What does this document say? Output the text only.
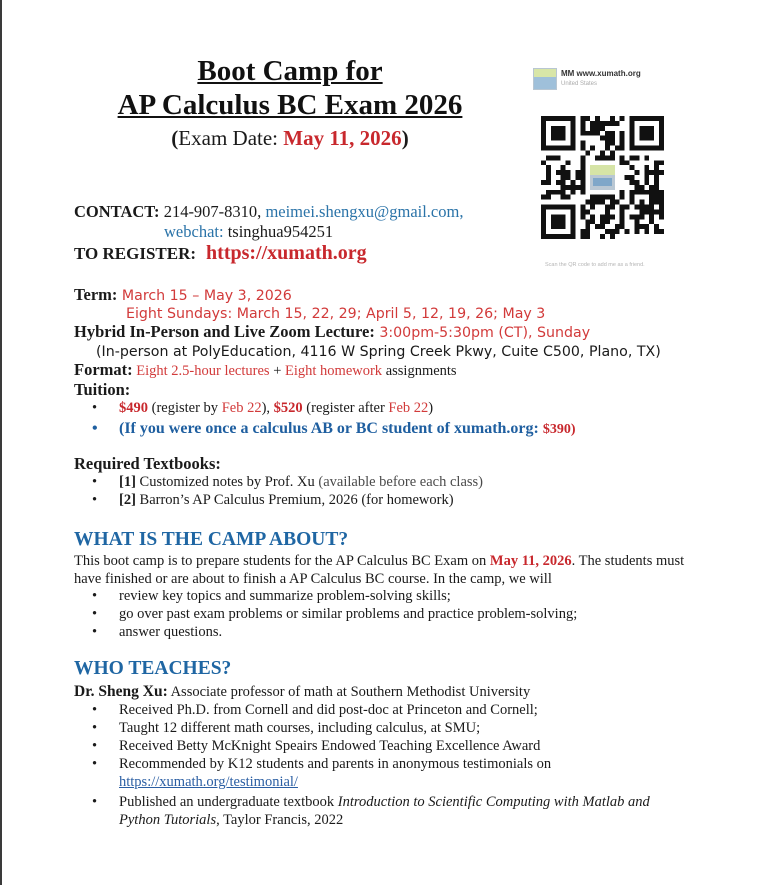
Boot Camp for
AP Calculus BC Exam 2026
(Exam Date: May 11, 2026)
MM www.xumath.org
United States
Scan the QR code to add me as a friend.
CONTACT: 214-907-8310, meimei.shengxu@gmail.com,
webchat: tsinghua954251
TO REGISTER: https://xumath.org
Term: March 15 – May 3, 2026
Eight Sundays: March 15, 22, 29; April 5, 12, 19, 26; May 3
Hybrid In-Person and Live Zoom Lecture: 3:00pm-5:30pm (CT), Sunday
(In-person at PolyEducation, 4116 W Spring Creek Pkwy, Cuite C500, Plano, TX)
Format: Eight 2.5-hour lectures + Eight homework assignments
Tuition:
• $490 (register by Feb 22), $520 (register after Feb 22)
• (If you were once a calculus AB or BC student of xumath.org: $390)
Required Textbooks:
• [1] Customized notes by Prof. Xu (available before each class)
• [2] Barron’s AP Calculus Premium, 2026 (for homework)
WHAT IS THE CAMP ABOUT?
This boot camp is to prepare students for the AP Calculus BC Exam on May 11, 2026. The students must have finished or are about to finish a AP Calculus BC course. In the camp, we will
• review key topics and summarize problem-solving skills;
• go over past exam problems or similar problems and practice problem-solving;
• answer questions.
WHO TEACHES?
Dr. Sheng Xu: Associate professor of math at Southern Methodist University
• Received Ph.D. from Cornell and did post-doc at Princeton and Cornell;
• Taught 12 different math courses, including calculus, at SMU;
• Received Betty McKnight Speairs Endowed Teaching Excellence Award
• Recommended by K12 students and parents in anonymous testimonials on
https://xumath.org/testimonial/
• Published an undergraduate textbook Introduction to Scientific Computing with Matlab and Python Tutorials, Taylor Francis, 2022
